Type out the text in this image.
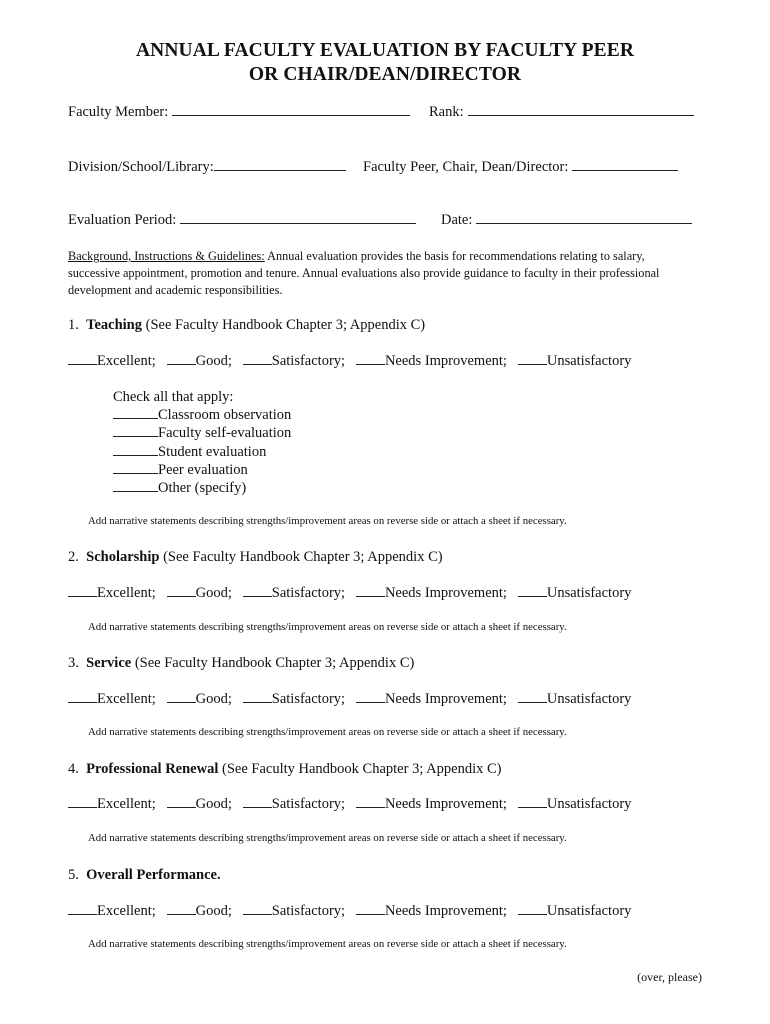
ANNUAL FACULTY EVALUATION BY FACULTY PEER
OR CHAIR/DEAN/DIRECTOR
Faculty Member:	Rank:
Division/School/Library:	Faculty Peer, Chair, Dean/Director:
Evaluation Period:	Date:
Background, Instructions & Guidelines: Annual evaluation provides the basis for recommendations relating to salary, successive appointment, promotion and tenure. Annual evaluations also provide guidance to faculty in their professional development and academic responsibilities.
1. Teaching (See Faculty Handbook Chapter 3; Appendix C)
Excellent;	Good;	Satisfactory;	Needs Improvement;	Unsatisfactory
Check all that apply:
Classroom observation
Faculty self-evaluation
Student evaluation
Peer evaluation
Other (specify)
Add narrative statements describing strengths/improvement areas on reverse side or attach a sheet if necessary.
2. Scholarship (See Faculty Handbook Chapter 3; Appendix C)
Excellent;	Good;	Satisfactory;	Needs Improvement;	Unsatisfactory
Add narrative statements describing strengths/improvement areas on reverse side or attach a sheet if necessary.
3. Service (See Faculty Handbook Chapter 3; Appendix C)
Excellent;	Good;	Satisfactory;	Needs Improvement;	Unsatisfactory
Add narrative statements describing strengths/improvement areas on reverse side or attach a sheet if necessary.
4. Professional Renewal (See Faculty Handbook Chapter 3; Appendix C)
Excellent;	Good;	Satisfactory;	Needs Improvement;	Unsatisfactory
Add narrative statements describing strengths/improvement areas on reverse side or attach a sheet if necessary.
5. Overall Performance.
Excellent;	Good;	Satisfactory;	Needs Improvement;	Unsatisfactory
Add narrative statements describing strengths/improvement areas on reverse side or attach a sheet if necessary.
(over, please)
